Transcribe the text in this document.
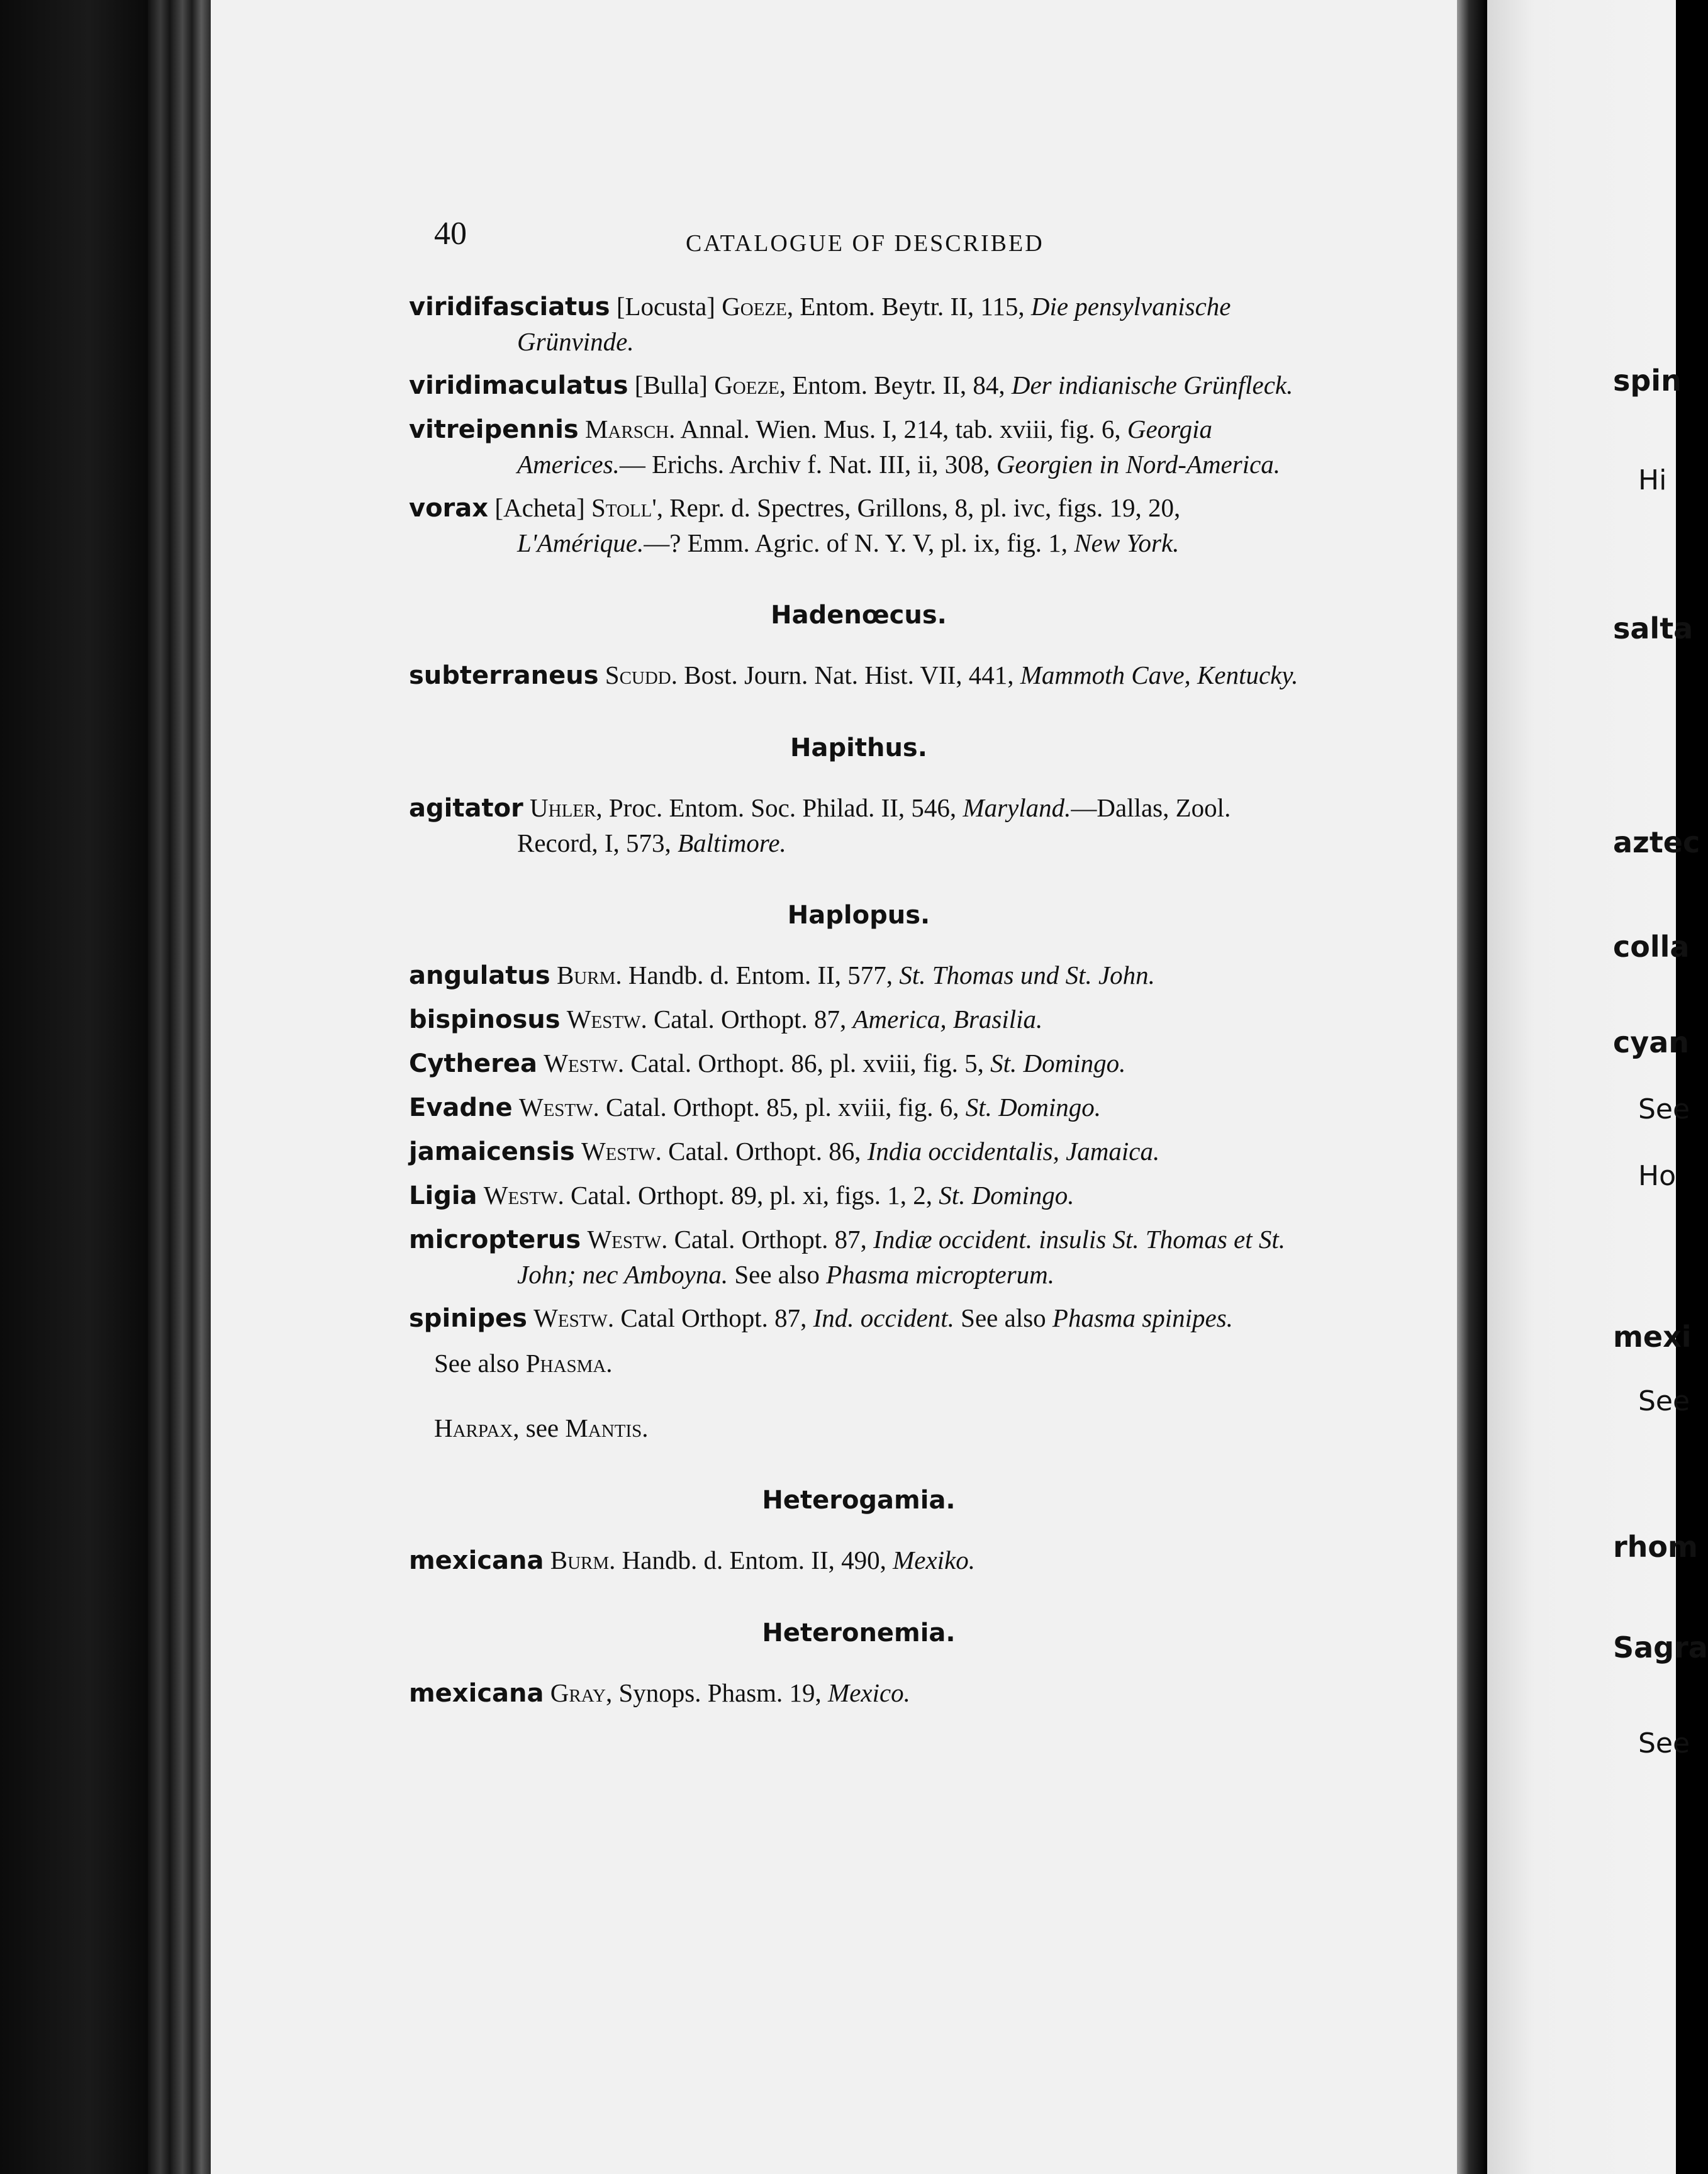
spin
Hi
salta
aztec
colla
cyan
See
Ho
mexi
See
rhom
Sagra
See
40	CATALOGUE OF DESCRIBED

viridifasciatus [Locusta] Goeze, Entom. Beytr. II, 115, Die pensylvanische Grünvinde.

viridimaculatus [Bulla] Goeze, Entom. Beytr. II, 84, Der indianische Grünfleck.

vitreipennis Marsch. Annal. Wien. Mus. I, 214, tab. xviii, fig. 6, Georgia Americes.— Erichs. Archiv f. Nat. III, ii, 308, Georgien in Nord-America.

vorax [Acheta] Stoll', Repr. d. Spectres, Grillons, 8, pl. ivc, figs. 19, 20, L'Amérique.—? Emm. Agric. of N. Y. V, pl. ix, fig. 1, New York.

Hadenœcus.

subterraneus Scudd. Bost. Journ. Nat. Hist. VII, 441, Mammoth Cave, Kentucky.

Hapithus.

agitator Uhler, Proc. Entom. Soc. Philad. II, 546, Maryland.—Dallas, Zool. Record, I, 573, Baltimore.

Haplopus.

angulatus Burm. Handb. d. Entom. II, 577, St. Thomas und St. John.

bispinosus Westw. Catal. Orthopt. 87, America, Brasilia.

Cytherea Westw. Catal. Orthopt. 86, pl. xviii, fig. 5, St. Domingo.

Evadne Westw. Catal. Orthopt. 85, pl. xviii, fig. 6, St. Domingo.

jamaicensis Westw. Catal. Orthopt. 86, India occidentalis, Jamaica.

Ligia Westw. Catal. Orthopt. 89, pl. xi, figs. 1, 2, St. Domingo.

micropterus Westw. Catal. Orthopt. 87, Indiæ occident. insulis St. Thomas et St. John; nec Amboyna. See also Phasma micropterum.

spinipes Westw. Catal Orthopt. 87, Ind. occident. See also Phasma spinipes.

See also Phasma.

Harpax, see Mantis.

Heterogamia.

mexicana Burm. Handb. d. Entom. II, 490, Mexiko.

Heteronemia.

mexicana Gray, Synops. Phasm. 19, Mexico.
